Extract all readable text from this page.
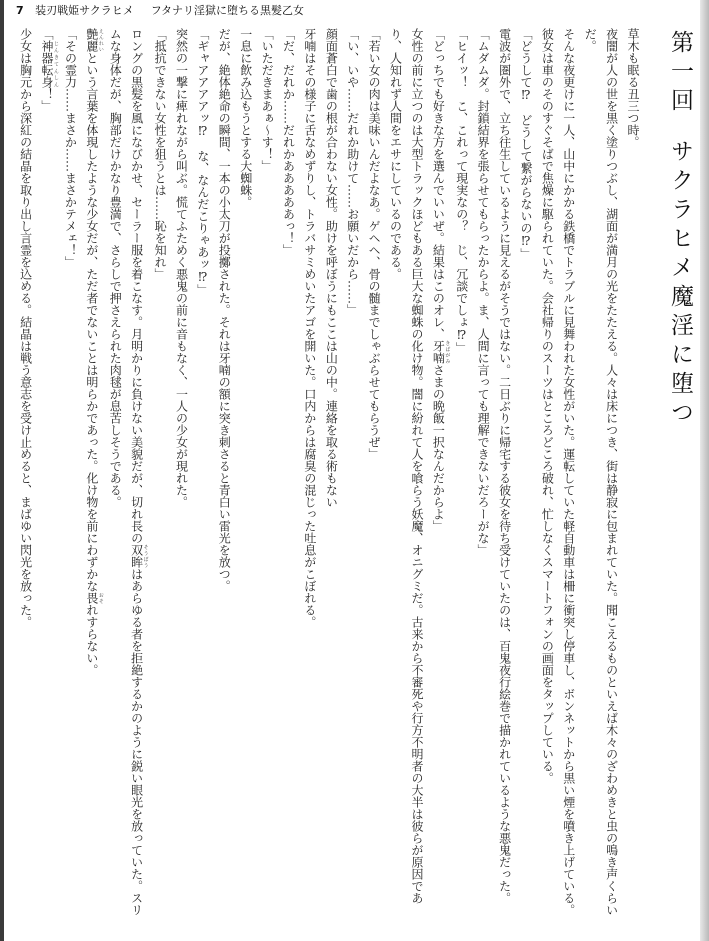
7 装刃戦姫サクラヒメ フタナリ淫獄に堕ちる黒髪乙女
第一回サクラヒメ魔淫に堕つ

草木も眠る丑三つ時。

夜闇が人の世を黒く塗りつぶし、湖面が満月の光をたたえる。人々は床につき、街は静寂に包まれていた。聞こえるものといえば木々のざわめきと虫の鳴き声くらいだ。

そんな夜更けに一人、山中にかかる鉄橋でトラブルに見舞われた女性がいた。運転していた軽自動車は柵に衝突し停車し、ボンネットから黒い煙を噴き上げている。

彼女は車のそのすぐそばで焦燥に駆られていた。会社帰りのスーツはところどころ破れ、忙しなくスマートフォンの画面をタップしている。

「どうして⁉　どうして繋がらないの⁉」

電波が圏外で、立ち往生しているように見えるがそうではない。二日ぶりに帰宅する彼女を待ち受けていたのは、百鬼夜行絵巻で描かれているような悪鬼だった。

「ムダムダ。封鎖結界を張らせてもらったからよ。ま、人間に言っても理解できないだろーがな」

「ヒイッ！　こ、これって現実なの？　じ、冗談でしょ⁉」

「どっちでも好きな方を選んでいいぜ。結果はこのオレ、牙喃 きばがみさまの晩飯一択なんだからよ」

女性の前に立つのは大型トラックほどもある巨大な蜘蛛の化け物。闇に紛れて人を喰らう妖魔、オニグミだ。古来から不審死や行方不明者の大半は彼らが原因であり、人知れず人間をエサにしているのである。

「若い女の肉は美味いんだよなあ。ゲヘヘ、骨の髄までしゃぶらせてもらうぜ」

「い、いや……だれか助けて……お願いだから……」

顔面蒼白で歯の根が合わない女性。助けを呼ぼうにもここは山の中。連絡を取る術もない

牙喃はその様子に舌なめずりし、トラバサミめいたアゴを開いた。口内からは腐臭の混じった吐息がこぼれる。

「だ、だれか……だれかあああああっ！」

「いただきまあぁ～す！」

一息に飲み込もうとする大蜘蛛。

だが、絶体絶命の瞬間、一本の小太刀が投擲された。それは牙喃の額に突き刺さると青白い雷光を放つ。

「ギャアアアアッ⁉　な、なんだこりゃあッ⁉」

突然の一撃に痺れながら叫ぶ。慌てふためく悪鬼の前に音もなく、一人の少女が現れた。

「抵抗できない女性を狙うとは……恥を知れ」

ロングの黒髪を風になびかせ、セーラー服を着こなす。月明かりに負けない美貌だが、切れ長の双眸 そうぼうはあらゆる者を拒絶するかのように鋭い眼光を放っていた。スリムな身体だが、胸部だけかなり豊満で、さらしで押さえられた肉毬が息苦しそうである。

艶麗 えんれいという言葉を体現したような少女だが、ただ者でないことは明らかであった。化け物を前にわずかな畏 おそれすらない。

「その霊力……まさか……まさかテメェ！」

「神器転身 じんきてんしん！」

少女は胸元から深紅の結晶を取り出し言霊を込める。結晶は戦う意志を受け止めると、まばゆい閃光を放った。
